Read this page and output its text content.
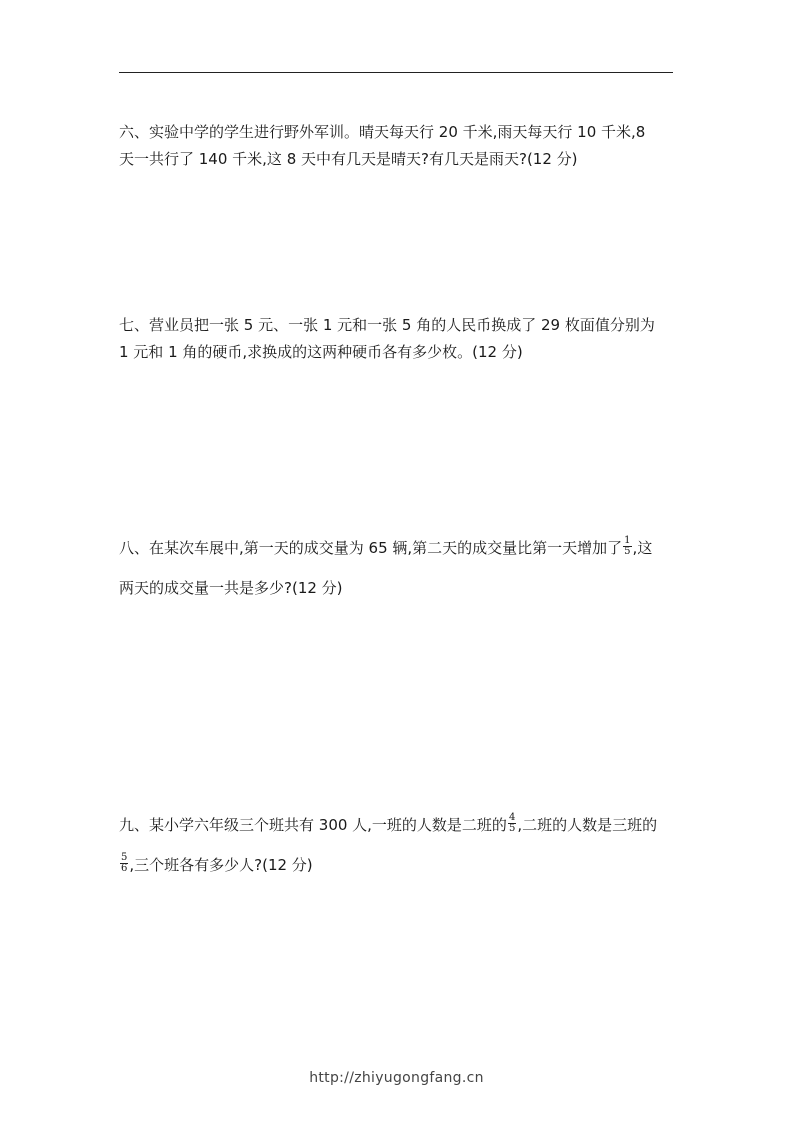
六、实验中学的学生进行野外军训。晴天每天行 20 千米,雨天每天行 10 千米,8
天一共行了 140 千米,这 8 天中有几天是晴天?有几天是雨天?(12 分)
七、营业员把一张 5 元、一张 1 元和一张 5 角的人民币换成了 29 枚面值分别为
1 元和 1 角的硬币,求换成的这两种硬币各有多少枚。(12 分)
八、在某次车展中,第一天的成交量为 65 辆,第二天的成交量比第一天增加了 $\frac{1}{5}$ ,这
两天的成交量一共是多少?(12 分)
九、某小学六年级三个班共有 300 人,一班的人数是二班的 $\frac{4}{5}$ ,二班的人数是三班的
$\frac{5}{6}$ ,三个班各有多少人?(12 分)
http://zhiyugongfang.cn
